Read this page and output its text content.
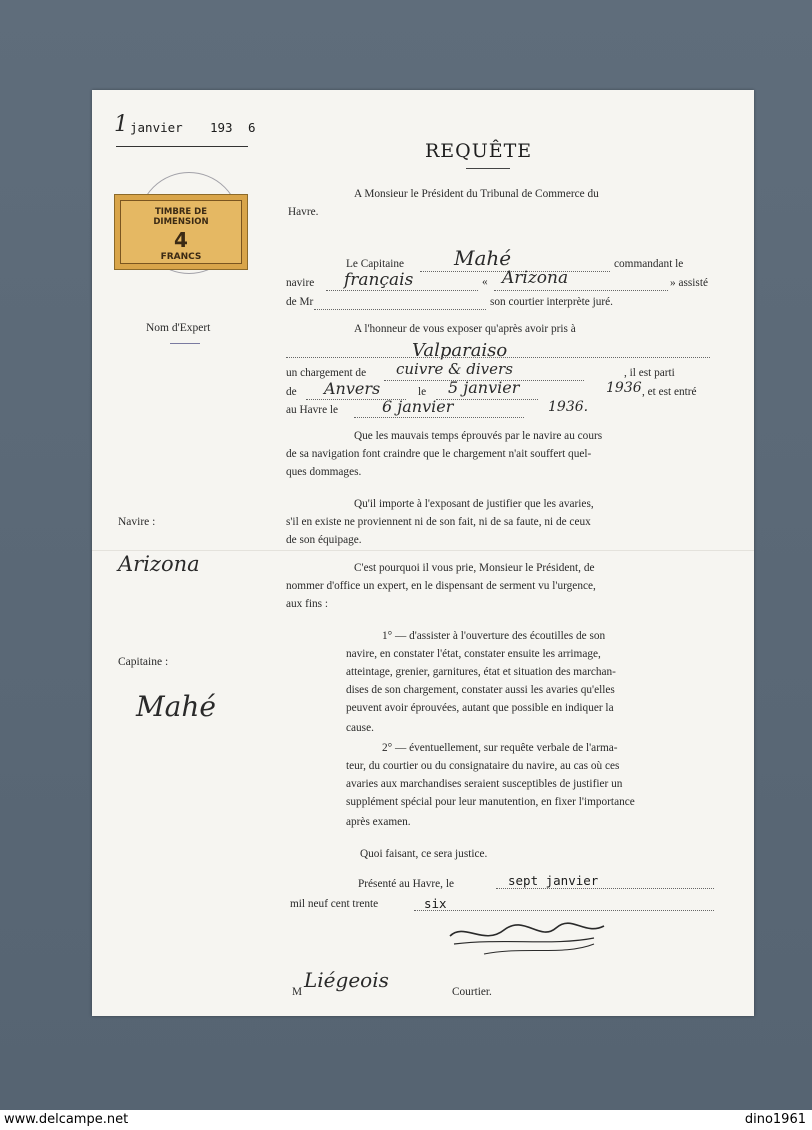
1 janvier 193 6
REQUÊTE
TIMBRE DE
DIMENSION
4
FRANCS
A Monsieur le Président du Tribunal de Commerce du
Havre.
Nom d'Expert
Navire :
Arizona
Capitaine :
Mahé
Le Capitaine Mahé	commandant le
navire français	« Arizona	» assisté
de Mr	son courtier interprète juré.
A l'honneur de vous exposer qu'après avoir pris à
Valparaiso
un chargement de cuivre & divers	, il est parti
de Anvers	le 5 janvier	1936 , et est entré
au Havre le	6 janvier	1936.
Que les mauvais temps éprouvés par le navire au cours
de sa navigation font craindre que le chargement n'ait souffert quel-
ques dommages.
Qu'il importe à l'exposant de justifier que les avaries,
s'il en existe ne proviennent ni de son fait, ni de sa faute, ni de ceux
de son équipage.
C'est pourquoi il vous prie, Monsieur le Président, de
nommer d'office un expert, en le dispensant de serment vu l'urgence,
aux fins :
1° — d'assister à l'ouverture des écoutilles de son
navire, en constater l'état, constater ensuite les arrimage,
atteintage, grenier, garnitures, état et situation des marchan-
dises de son chargement, constater aussi les avaries qu'elles
peuvent avoir éprouvées, autant que possible en indiquer la
cause.
2° — éventuellement, sur requête verbale de l'arma-
teur, du courtier ou du consignataire du navire, au cas où ces
avaries aux marchandises seraient susceptibles de justifier un
supplément spécial pour leur manutention, en fixer l'importance
après examen.
Quoi faisant, ce sera justice.
Présenté au Havre, le	sept janvier
mil neuf cent trente	six
M Liégeois	Courtier.
www.delcampe.net	dino1961
